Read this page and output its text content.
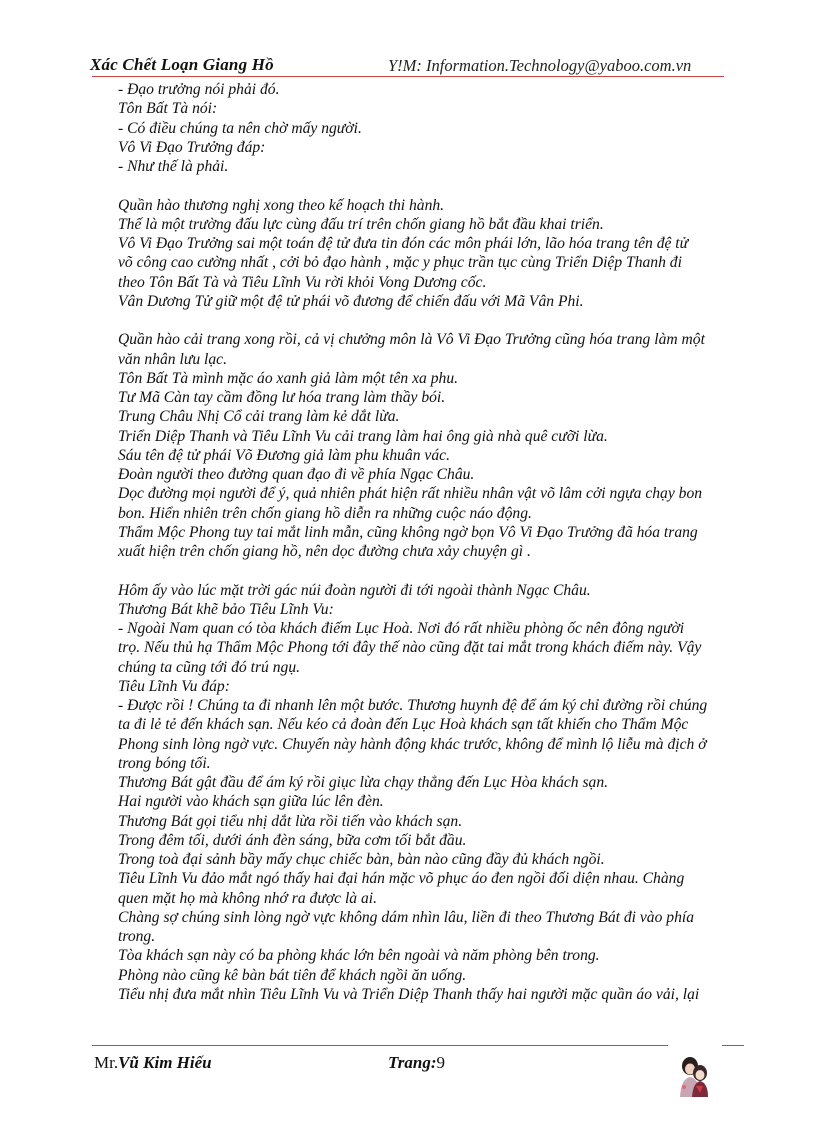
Xác Chết Loạn Giang Hồ	Y!M: Information.Technology@yaboo.com.vn
- Đạo trưởng nói phải đó.
Tôn Bất Tà nói:
- Có điều chúng ta nên chờ mấy người.
Vô Vi Đạo Trưởng đáp:
- Như thế là phải.
Quần hào thương nghị xong theo kế hoạch thi hành.
Thế là một trường đấu lực cùng đấu trí trên chốn giang hồ bắt đầu khai triển.
Vô Vi Đạo Trưởng sai một toán đệ tử đưa tin đón các môn phái lớn, lão hóa trang tên đệ tử
võ công cao cường nhất , cởi bỏ đạo hành , mặc y phục trần tục cùng Triển Diệp Thanh đi
theo Tôn Bất Tà và Tiêu Lĩnh Vu rời khỏi Vong Dương cốc.
Vân Dương Tử giữ một đệ tử phái võ đương để chiến đấu với Mã Vân Phi.
Quần hào cải trang xong rồi, cả vị chưởng môn là Vô Vi Đạo Trưởng cũng hóa trang làm một
văn nhân lưu lạc.
Tôn Bất Tà mình mặc áo xanh giả làm một tên xa phu.
Tư Mã Càn tay cầm đồng lư hóa trang làm thầy bói.
Trung Châu Nhị Cổ cải trang làm kẻ dắt lừa.
Triển Diệp Thanh và Tiêu Lĩnh Vu cải trang làm hai ông già nhà quê cưỡi lừa.
Sáu tên đệ tử phái Võ Đương giả làm phu khuân vác.
Đoàn người theo đường quan đạo đi về phía Ngạc Châu.
Dọc đường mọi người để ý, quả nhiên phát hiện rất nhiều nhân vật võ lâm cởi ngựa chạy bon
bon. Hiển nhiên trên chốn giang hồ diễn ra những cuộc náo động.
Thẩm Mộc Phong tuy tai mắt linh mẫn, cũng không ngờ bọn Vô Vi Đạo Trưởng đã hóa trang
xuất hiện trên chốn giang hồ, nên dọc đường chưa xảy chuyện gì .
Hôm ấy vào lúc mặt trời gác núi đoàn người đi tới ngoài thành Ngạc Châu.
Thương Bát khẽ bảo Tiêu Lĩnh Vu:
- Ngoài Nam quan có tòa khách điếm Lục Hoà. Nơi đó rất nhiều phòng ốc nên đông người
trọ. Nếu thủ hạ Thẩm Mộc Phong tới đây thế nào cũng đặt tai mắt trong khách điếm này. Vậy
chúng ta cũng tới đó trú ngụ.
Tiêu Lĩnh Vu đáp:
- Được rồi ! Chúng ta đi nhanh lên một bước. Thương huynh đệ để ám ký chỉ đường rồi chúng
ta đi lẻ tẻ đến khách sạn. Nếu kéo cả đoàn đến Lục Hoà khách sạn tất khiến cho Thẩm Mộc
Phong sinh lòng ngờ vực. Chuyến này hành động khác trước, không để mình lộ liễu mà địch ở
trong bóng tối.
Thương Bát gật đầu để ám ký rồi giục lừa chạy thẳng đến Lục Hòa khách sạn.
Hai người vào khách sạn giữa lúc lên đèn.
Thương Bát gọi tiểu nhị dắt lừa rồi tiến vào khách sạn.
Trong đêm tối, dưới ánh đèn sáng, bữa cơm tối bắt đầu.
Trong toà đại sảnh bầy mấy chục chiếc bàn, bàn nào cũng đầy đủ khách ngồi.
Tiêu Lĩnh Vu đảo mắt ngó thấy hai đại hán mặc võ phục áo đen ngồi đối diện nhau. Chàng
quen mặt họ mà không nhớ ra được là ai.
Chàng sợ chúng sinh lòng ngờ vực không dám nhìn lâu, liền đi theo Thương Bát đi vào phía
trong.
Tòa khách sạn này có ba phòng khác lớn bên ngoài và năm phòng bên trong.
Phòng nào cũng kê bàn bát tiên để khách ngồi ăn uống.
Tiểu nhị đưa mắt nhìn Tiêu Lĩnh Vu và Triển Diệp Thanh thấy hai người mặc quần áo vải, lại
Mr.Vũ Kim Hiếu	Trang:9
